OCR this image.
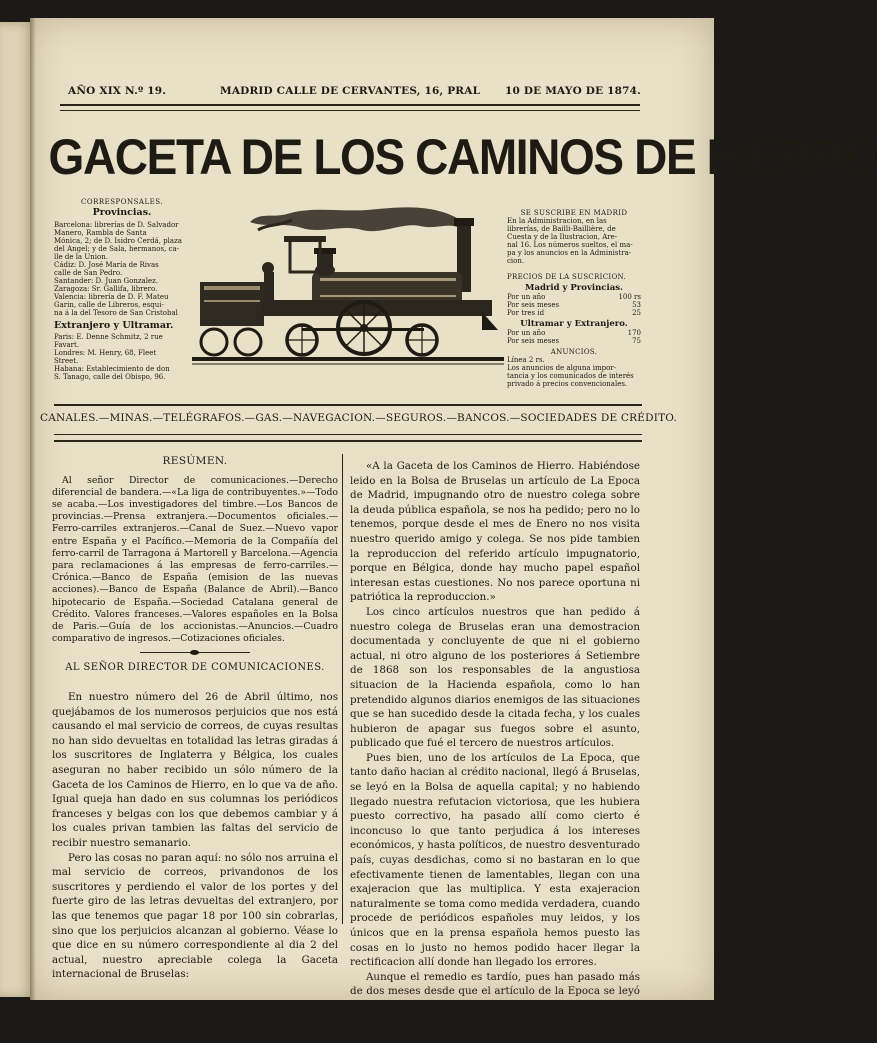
AÑO XIX N.º 19.	MADRID CALLE DE CERVANTES, 16, PRAL 10 DE MAYO DE 1874.
GACETA DE LOS CAMINOS DE HIERRO
CORRESPONSALES.
Provincias.
Barcelona: librerías de D. Salvador Manero, Rambla de Santa
Mónica, 2; de D. Isidro Cerdá, plaza
del Angel; y de Sala, hermanos, ca-
lle de la Union.
Cádiz: D. José María de Rivas
calle de San Pedro.
Santander: D. Juan Gonzalez.
Zaragoza: Sr. Gallifa, librero.
Valencia: librería de D. F. Mateu Garin, calle de Libreros, esqui-
na á la del Tesoro de San Cristobal
Extranjero y Ultramar.
Paris: E. Denne Schmitz, 2 rue
Favart.
Londres: M. Henry, 68, Fleet
Street.
Habana: Establecimiento de don
S. Tanago, calle del Obispo, 96.
SE SUSCRIBE EN MADRID
En la Administracion, en las
librerías, de Bailli-Baillière, de
Cuesta y de la Ilustracion, Are-
nal 16. Los números sueltos, el ma-
pa y los anuncios en la Administra-
cion.
PRECIOS DE LA SUSCRICION.
Madrid y Provincias.
Por un año	100 rs
Por seis meses	53
Por tres id	25
Ultramar y Extranjero.
Por un año	170
Por seis meses	75
ANUNCIOS.
Línea 2 rs.
Los anuncios de alguna impor-
tancia y los comunicados de interés
privado á precios convencionales.
CANALES.—MINAS.—TELÉGRAFOS.—GAS.—NAVEGACION.—SEGUROS.—BANCOS.—SOCIEDADES DE CRÉDITO.
RESÚMEN.

Al señor Director de comunicaciones.—Derecho diferencial de bandera.—«La liga de contribuyentes.»—Todo se acaba.—Los investigadores del timbre.—Los Bancos de provincias.—Prensa extranjera.—Documentos oficiales.—Ferro-carriles extranjeros.—Canal de Suez.—Nuevo vapor entre España y el Pacífico.—Memoria de la Compañía del ferro-carril de Tarragona á Martorell y Barcelona.—Agencia para reclamaciones á las empresas de ferro-carriles.—Crónica.—Banco de España (emision de las nuevas acciones).—Banco de España (Balance de Abril).—Banco hipotecario de España.—Sociedad Catalana general de Crédito. Valores franceses.—Valores españoles en la Bolsa de Paris.—Guía de los accionistas.—Anuncios.—Cuadro comparativo de ingresos.—Cotizaciones oficiales.

AL SEÑOR DIRECTOR DE COMUNICACIONES.

En nuestro número del 26 de Abril último, nos quejábamos de los numerosos perjuicios que nos está causando el mal servicio de correos, de cuyas resultas no han sido devueltas en totalidad las letras giradas á los suscritores de Inglaterra y Bélgica, los cuales aseguran no haber recibido un sólo número de la Gaceta de los Caminos de Hierro, en lo que va de año. Igual queja han dado en sus columnas los periódicos franceses y belgas con los que debemos cambiar y á los cuales privan tambien las faltas del servicio de recibir nuestro semanario.

Pero las cosas no paran aquí: no sólo nos arruina el mal servicio de correos, privandonos de los suscritores y perdiendo el valor de los portes y del fuerte giro de las letras devueltas del extranjero, por las que tenemos que pagar 18 por 100 sin cobrarlas, sino que los perjuicios alcanzan al gobierno. Véase lo que dice en su número correspondiente al dia 2 del actual, nuestro apreciable colega la Gaceta internacional de Bruselas:

«A la Gaceta de los Caminos de Hierro. Habiéndose leido en la Bolsa de Bruselas un artículo de La Epoca de Madrid, impugnando otro de nuestro colega sobre la deuda pública española, se nos ha pedido; pero no lo tenemos, porque desde el mes de Enero no nos visita nuestro querido amigo y colega. Se nos pide tambien la reproduccion del referido artículo impugnatorio, porque en Bélgica, donde hay mucho papel español interesan estas cuestiones. No nos parece oportuna ni patriótica la reproduccion.»

Los cinco artículos nuestros que han pedido á nuestro colega de Bruselas eran una demostracion documentada y concluyente de que ni el gobierno actual, ni otro alguno de los posteriores á Setiembre de 1868 son los responsables de la angustiosa situacion de la Hacienda española, como lo han pretendido algunos diarios enemigos de las situaciones que se han sucedido desde la citada fecha, y los cuales hubieron de apagar sus fuegos sobre el asunto, publicado que fué el tercero de nuestros artículos.

Pues bien, uno de los artículos de La Epoca, que tanto daño hacian al crédito nacional, llegó á Bruselas, se leyó en la Bolsa de aquella capital; y no habiendo llegado nuestra refutacion victoriosa, que les hubiera puesto correctivo, ha pasado allí como cierto é inconcuso lo que tanto perjudica á los intereses económicos, y hasta políticos, de nuestro desventurado país, cuyas desdichas, como si no bastaran en lo que efectivamente tienen de lamentables, llegan con una exajeracion que las multiplica. Y esta exajeracion naturalmente se toma como medida verdadera, cuando procede de periódicos españoles muy leidos, y los únicos que en la prensa española hemos puesto las cosas en lo justo no hemos podido hacer llegar la rectificacion allí donde han llegado los errores.

Aunque el remedio es tardío, pues han pasado más de dos meses desde que el artículo de la Epoca se leyó en la Bolsa de Bruselas, hemos intentado remediarlo en parte remitiendo nuestros cinco artículos bajo sobre y certifica-
